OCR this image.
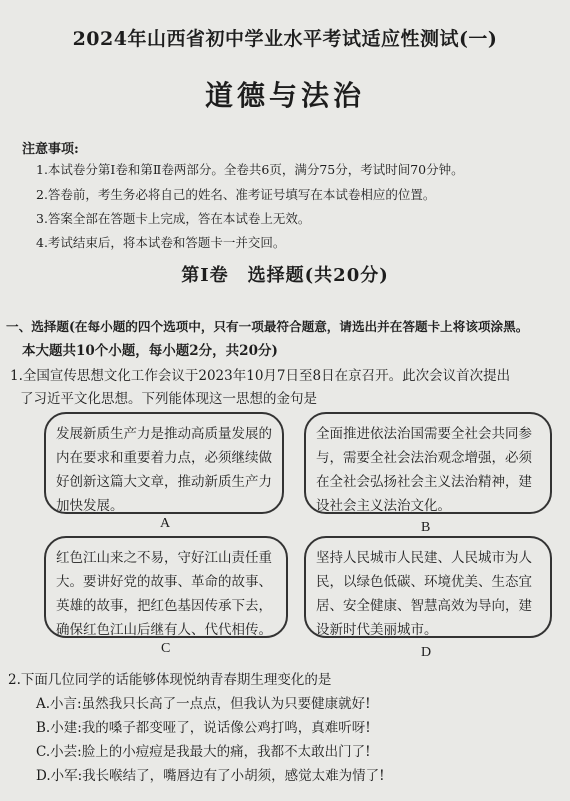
2024年山西省初中学业水平考试适应性测试(一)
道德与法治
注意事项:
1.本试卷分第Ⅰ卷和第Ⅱ卷两部分。全卷共6页，满分75分，考试时间70分钟。
2.答卷前，考生务必将自己的姓名、准考证号填写在本试卷相应的位置。
3.答案全部在答题卡上完成，答在本试卷上无效。
4.考试结束后，将本试卷和答题卡一并交回。
第Ⅰ卷　选择题(共20分)
一、选择题(在每小题的四个选项中，只有一项最符合题意，请选出并在答题卡上将该项涂黑。
本大题共10个小题，每小题2分，共20分)
1.全国宣传思想文化工作会议于2023年10月7日至8日在京召开。此次会议首次提出
了习近平文化思想。下列能体现这一思想的金句是
发展新质生产力是推动高质量发展的内在要求和重要着力点，必须继续做好创新这篇大文章，推动新质生产力加快发展。
A
全面推进依法治国需要全社会共同参与，需要全社会法治观念增强，必须在全社会弘扬社会主义法治精神，建设社会主义法治文化。
B
红色江山来之不易，守好江山责任重大。要讲好党的故事、革命的故事、英雄的故事，把红色基因传承下去，确保红色江山后继有人、代代相传。
C
坚持人民城市人民建、人民城市为人民，以绿色低碳、环境优美、生态宜居、安全健康、智慧高效为导向，建设新时代美丽城市。
D
2.下面几位同学的话能够体现悦纳青春期生理变化的是
A.小言:虽然我只长高了一点点，但我认为只要健康就好!
B.小建:我的嗓子都变哑了，说话像公鸡打鸣，真难听呀!
C.小芸:脸上的小痘痘是我最大的痛，我都不太敢出门了!
D.小军:我长喉结了，嘴唇边有了小胡须，感觉太难为情了!
